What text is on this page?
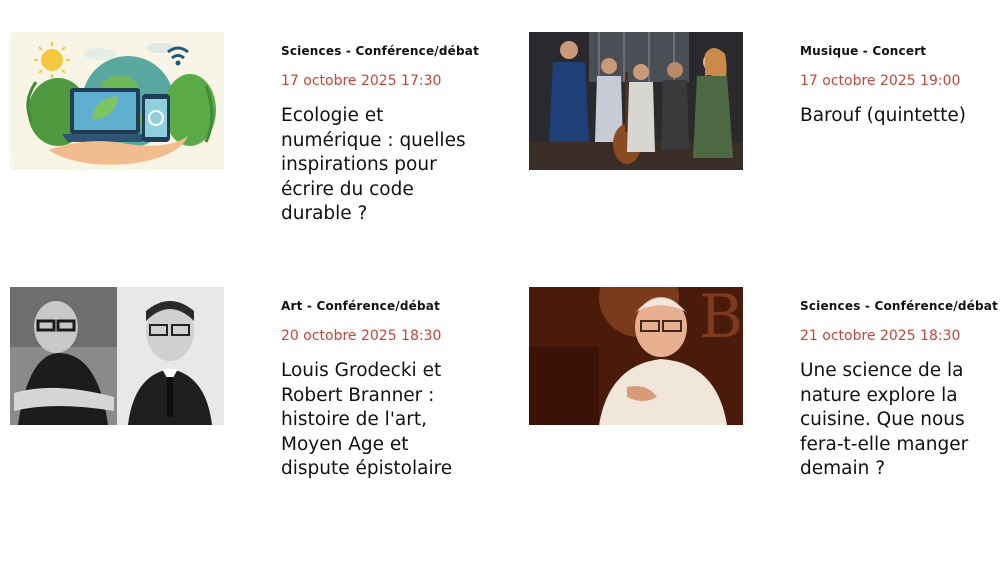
Sciences - Conférence/débat
17 octobre 2025 17:30
Ecologie et numérique : quelles inspirations pour écrire du code durable ?
Musique - Concert
17 octobre 2025 19:00
Barouf (quintette)
Art - Conférence/débat
20 octobre 2025 18:30
Louis Grodecki et Robert Branner : histoire de l'art, Moyen Age et dispute épistolaire
B	Sciences - Conférence/débat
21 octobre 2025 18:30
Une science de la nature explore la cuisine. Que nous fera-t-elle manger demain ?
